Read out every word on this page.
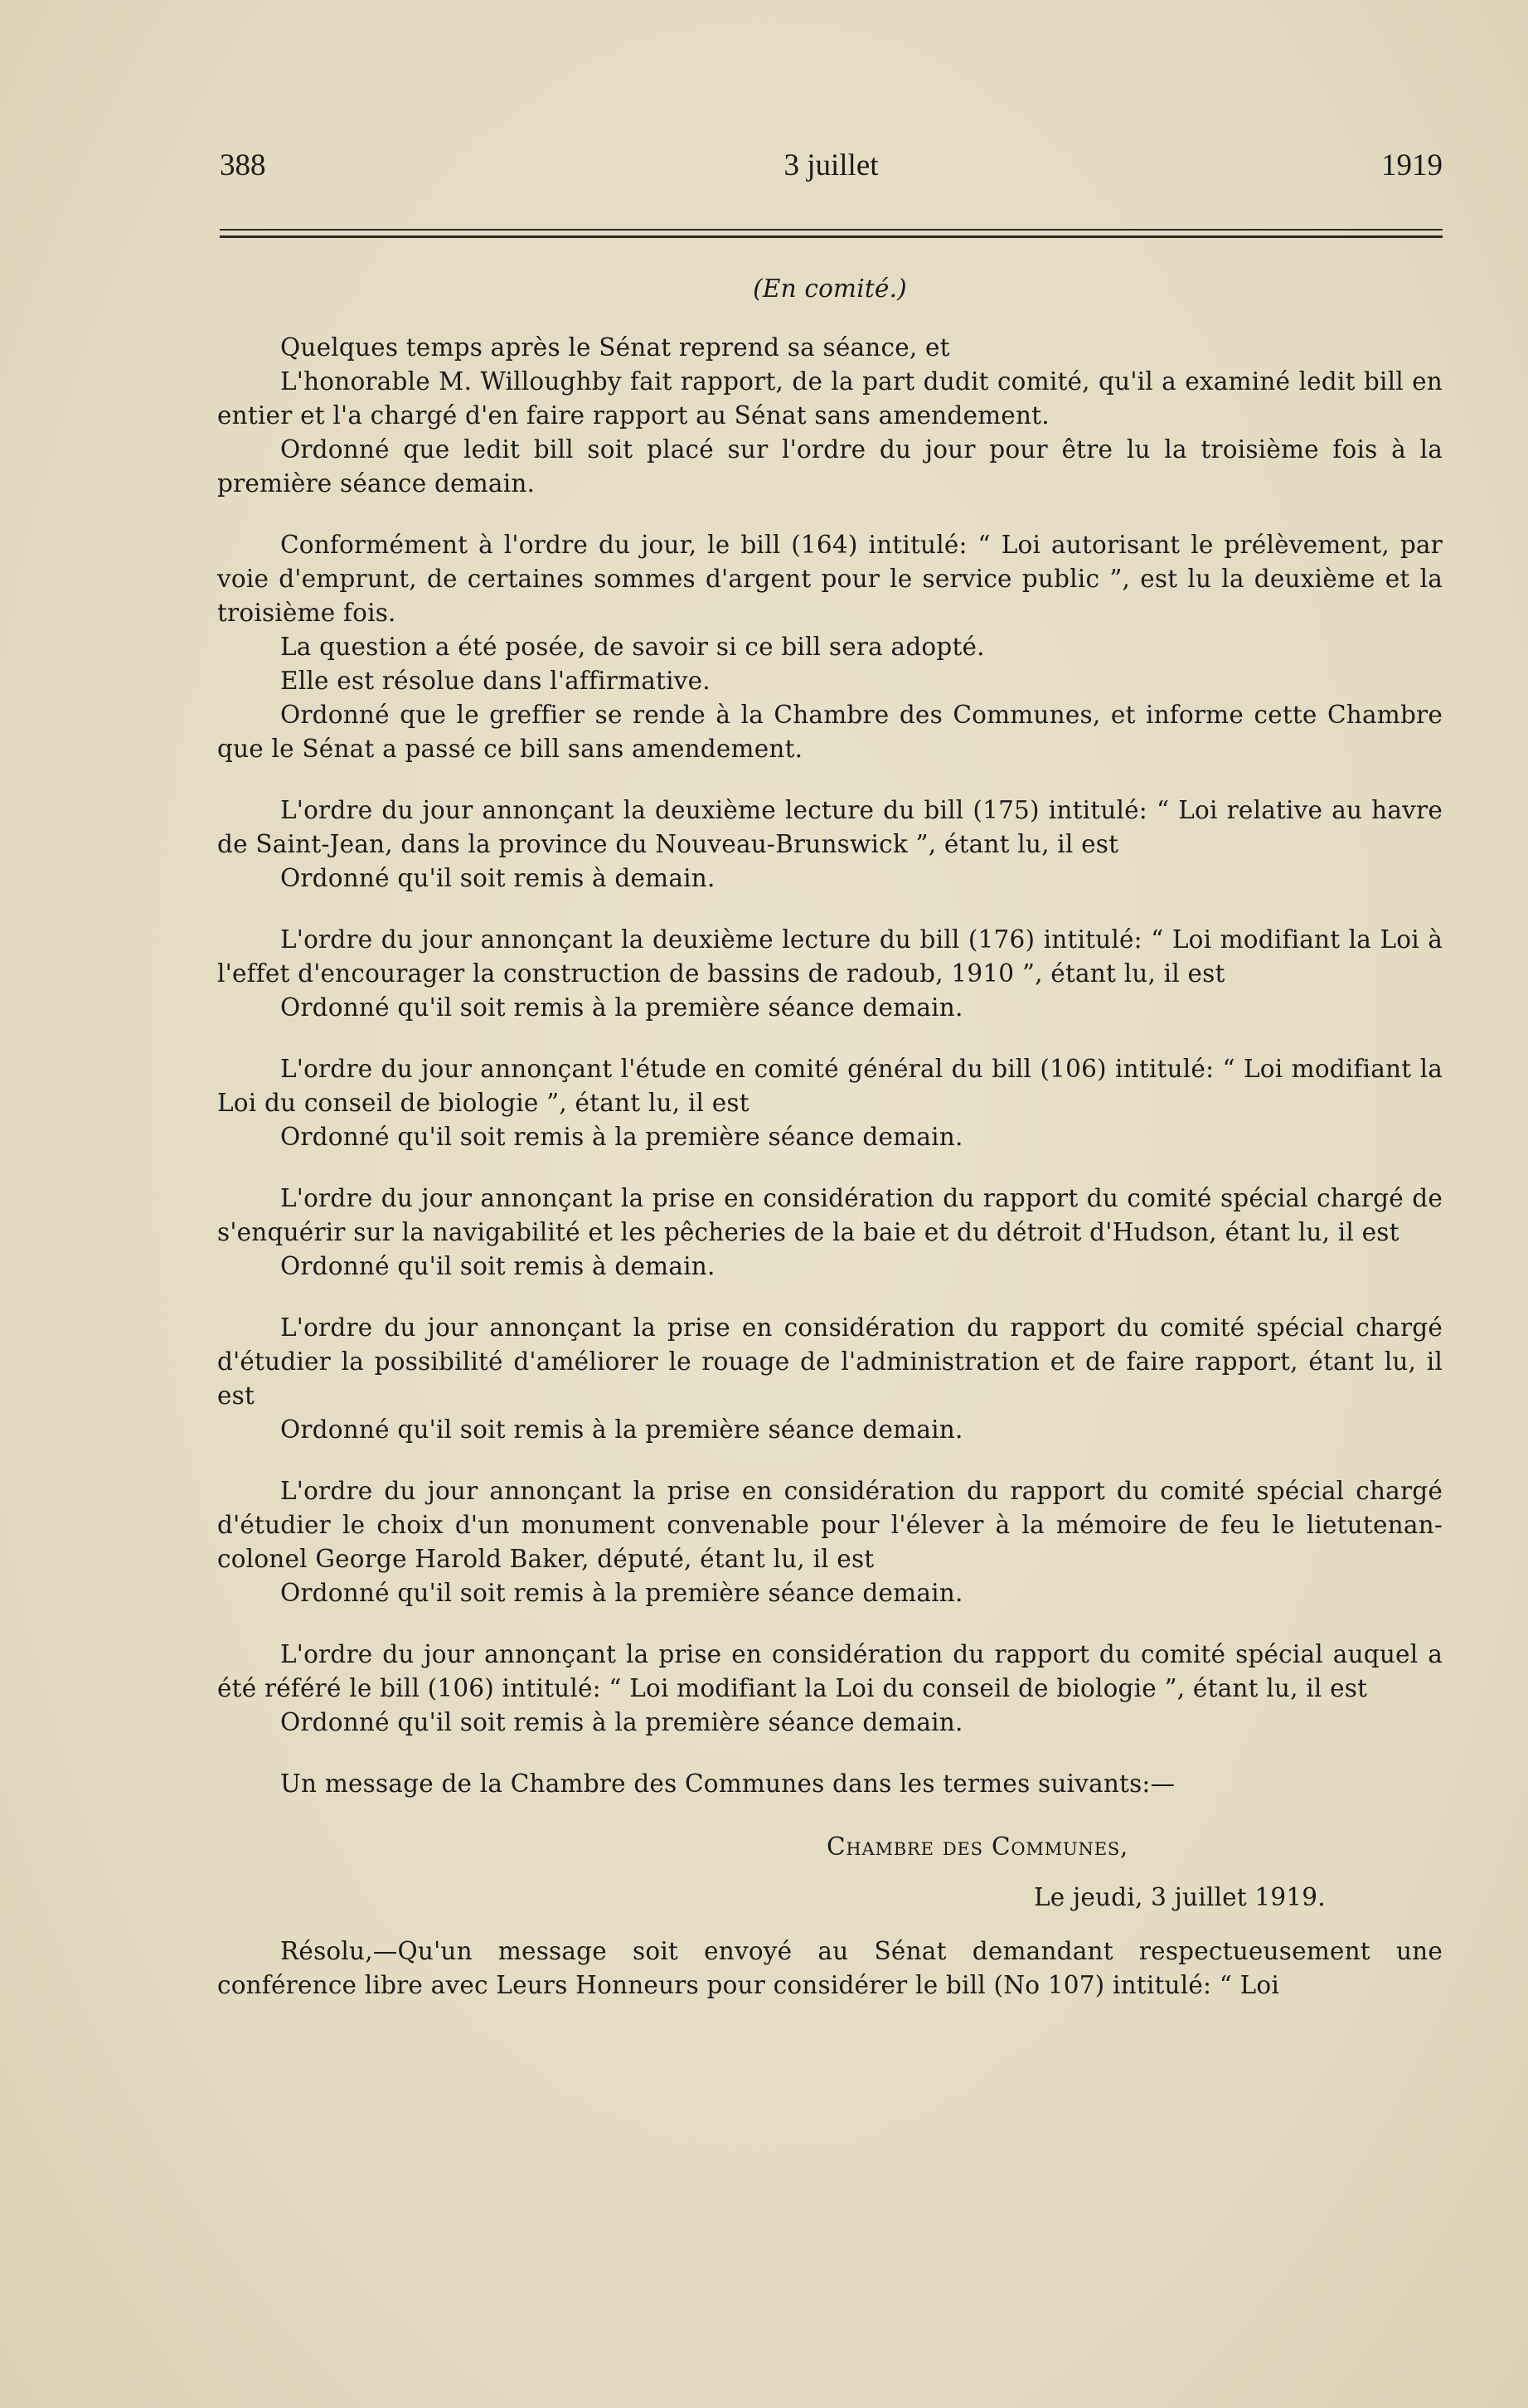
388	3 juillet	1919
(En comité.)

Quelques temps après le Sénat reprend sa séance, et

L'honorable M. Willoughby fait rapport, de la part dudit comité, qu'il a examiné ledit bill en entier et l'a chargé d'en faire rapport au Sénat sans amendement.

Ordonné que ledit bill soit placé sur l'ordre du jour pour être lu la troisième fois à la première séance demain.

Conformément à l'ordre du jour, le bill (164) intitulé: “ Loi autorisant le prélèvement, par voie d'emprunt, de certaines sommes d'argent pour le service public ”, est lu la deuxième et la troisième fois.

La question a été posée, de savoir si ce bill sera adopté.

Elle est résolue dans l'affirmative.

Ordonné que le greffier se rende à la Chambre des Communes, et informe cette Chambre que le Sénat a passé ce bill sans amendement.

L'ordre du jour annonçant la deuxième lecture du bill (175) intitulé: “ Loi relative au havre de Saint-Jean, dans la province du Nouveau-Brunswick ”, étant lu, il est

Ordonné qu'il soit remis à demain.

L'ordre du jour annonçant la deuxième lecture du bill (176) intitulé: “ Loi modifiant la Loi à l'effet d'encourager la construction de bassins de radoub, 1910 ”, étant lu, il est

Ordonné qu'il soit remis à la première séance demain.

L'ordre du jour annonçant l'étude en comité général du bill (106) intitulé: “ Loi modifiant la Loi du conseil de biologie ”, étant lu, il est

Ordonné qu'il soit remis à la première séance demain.

L'ordre du jour annonçant la prise en considération du rapport du comité spécial chargé de s'enquérir sur la navigabilité et les pêcheries de la baie et du détroit d'Hudson, étant lu, il est

Ordonné qu'il soit remis à demain.

L'ordre du jour annonçant la prise en considération du rapport du comité spécial chargé d'étudier la possibilité d'améliorer le rouage de l'administration et de faire rapport, étant lu, il est

Ordonné qu'il soit remis à la première séance demain.

L'ordre du jour annonçant la prise en considération du rapport du comité spécial chargé d'étudier le choix d'un monument convenable pour l'élever à la mémoire de feu le lietutenan-colonel George Harold Baker, député, étant lu, il est

Ordonné qu'il soit remis à la première séance demain.

L'ordre du jour annonçant la prise en considération du rapport du comité spécial auquel a été référé le bill (106) intitulé: “ Loi modifiant la Loi du conseil de biologie ”, étant lu, il est

Ordonné qu'il soit remis à la première séance demain.

Un message de la Chambre des Communes dans les termes suivants:—

Chambre des Communes,

Le jeudi, 3 juillet 1919.

Résolu,—Qu'un message soit envoyé au Sénat demandant respectueusement une conférence libre avec Leurs Honneurs pour considérer le bill (No 107) intitulé: “ Loi
